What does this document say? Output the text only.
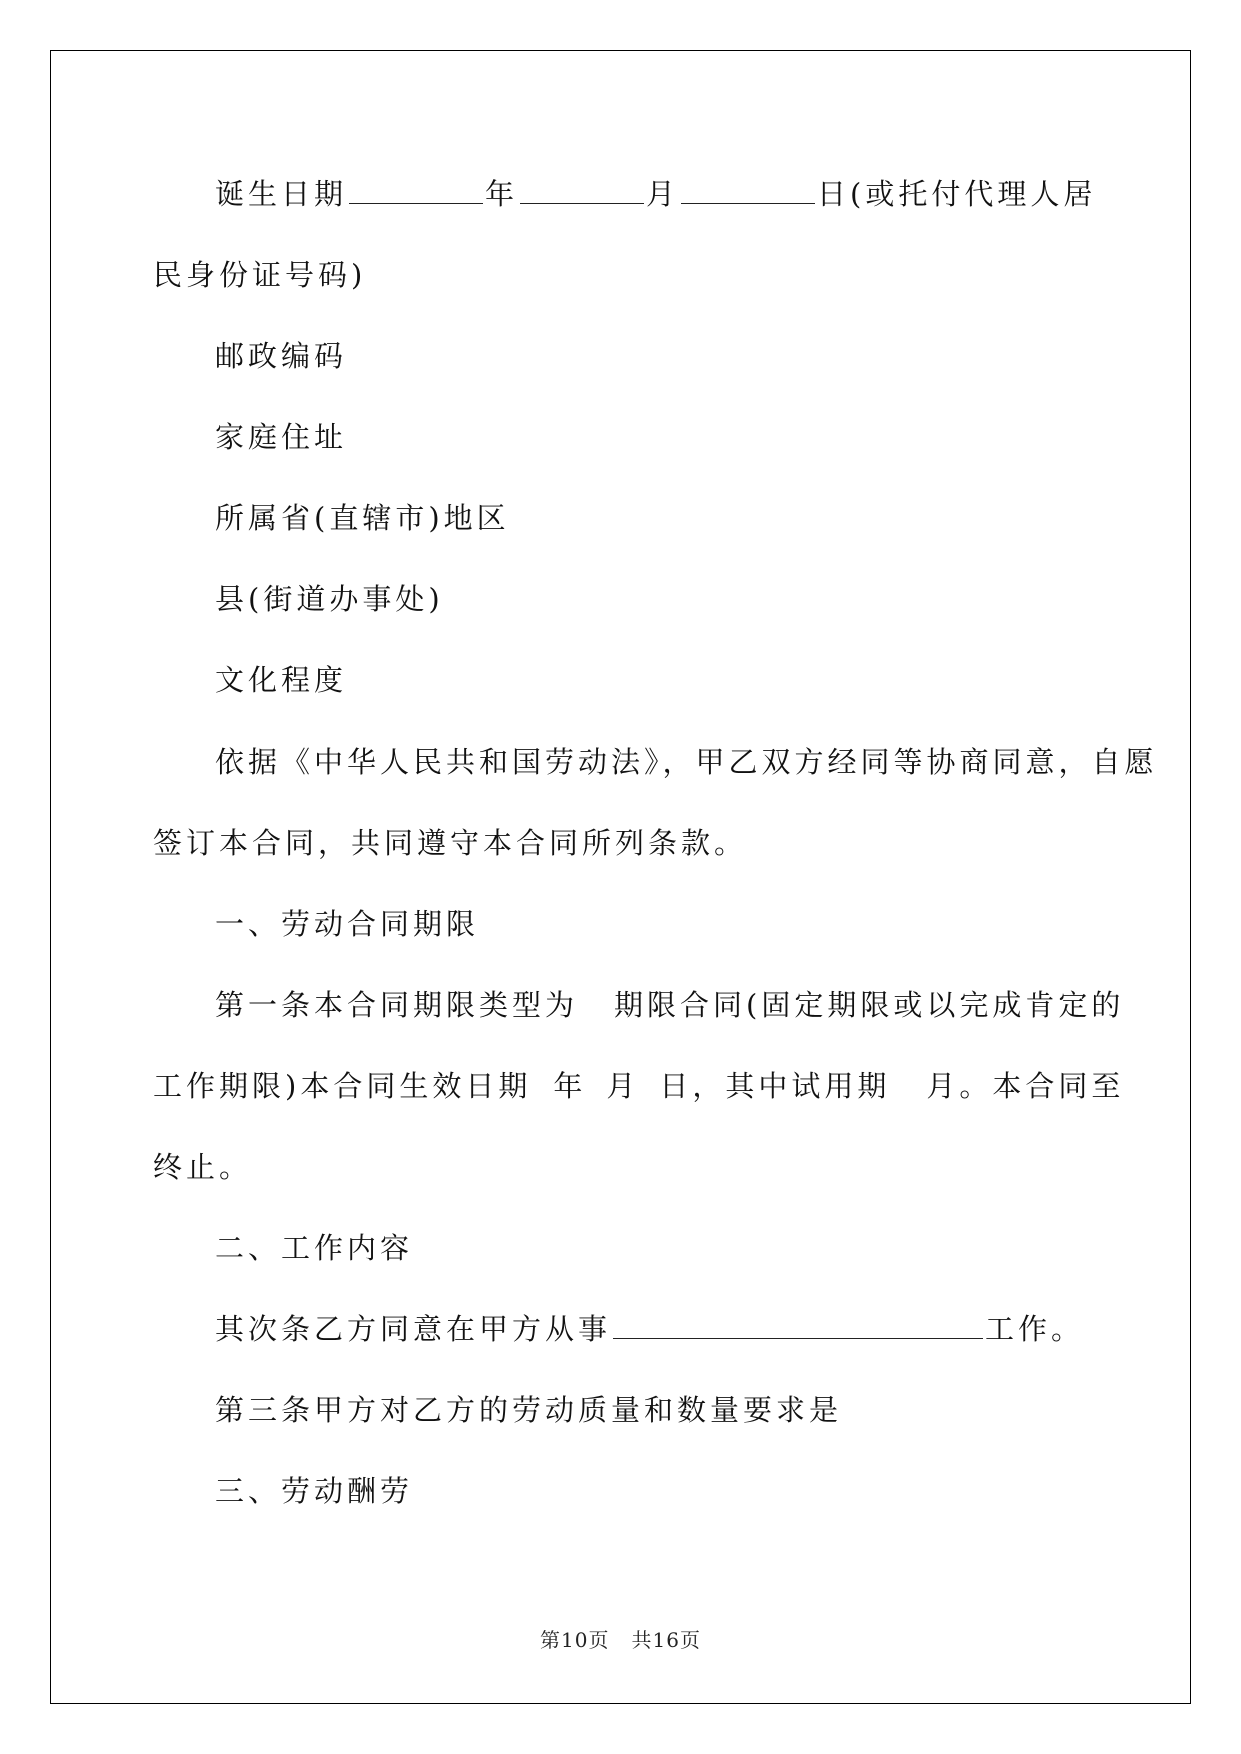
诞生日期	年	月	日(或托付代理人居
民身份证号码)
邮政编码
家庭住址
所属省(直辖市)地区
县(街道办事处)
文化程度
依据《中华人民共和国劳动法》，甲乙双方经同等协商同意，自愿
签订本合同，共同遵守本合同所列条款。
一、劳动合同期限
第一条本合同期限类型为 期限合同(固定期限或以完成肯定的
工作期限)本合同生效日期 年 月 日，其中试用期 月。本合同至
终止。
二、工作内容
其次条乙方同意在甲方从事	工作。
第三条甲方对乙方的劳动质量和数量要求是
三、劳动酬劳
第10页 共16页
